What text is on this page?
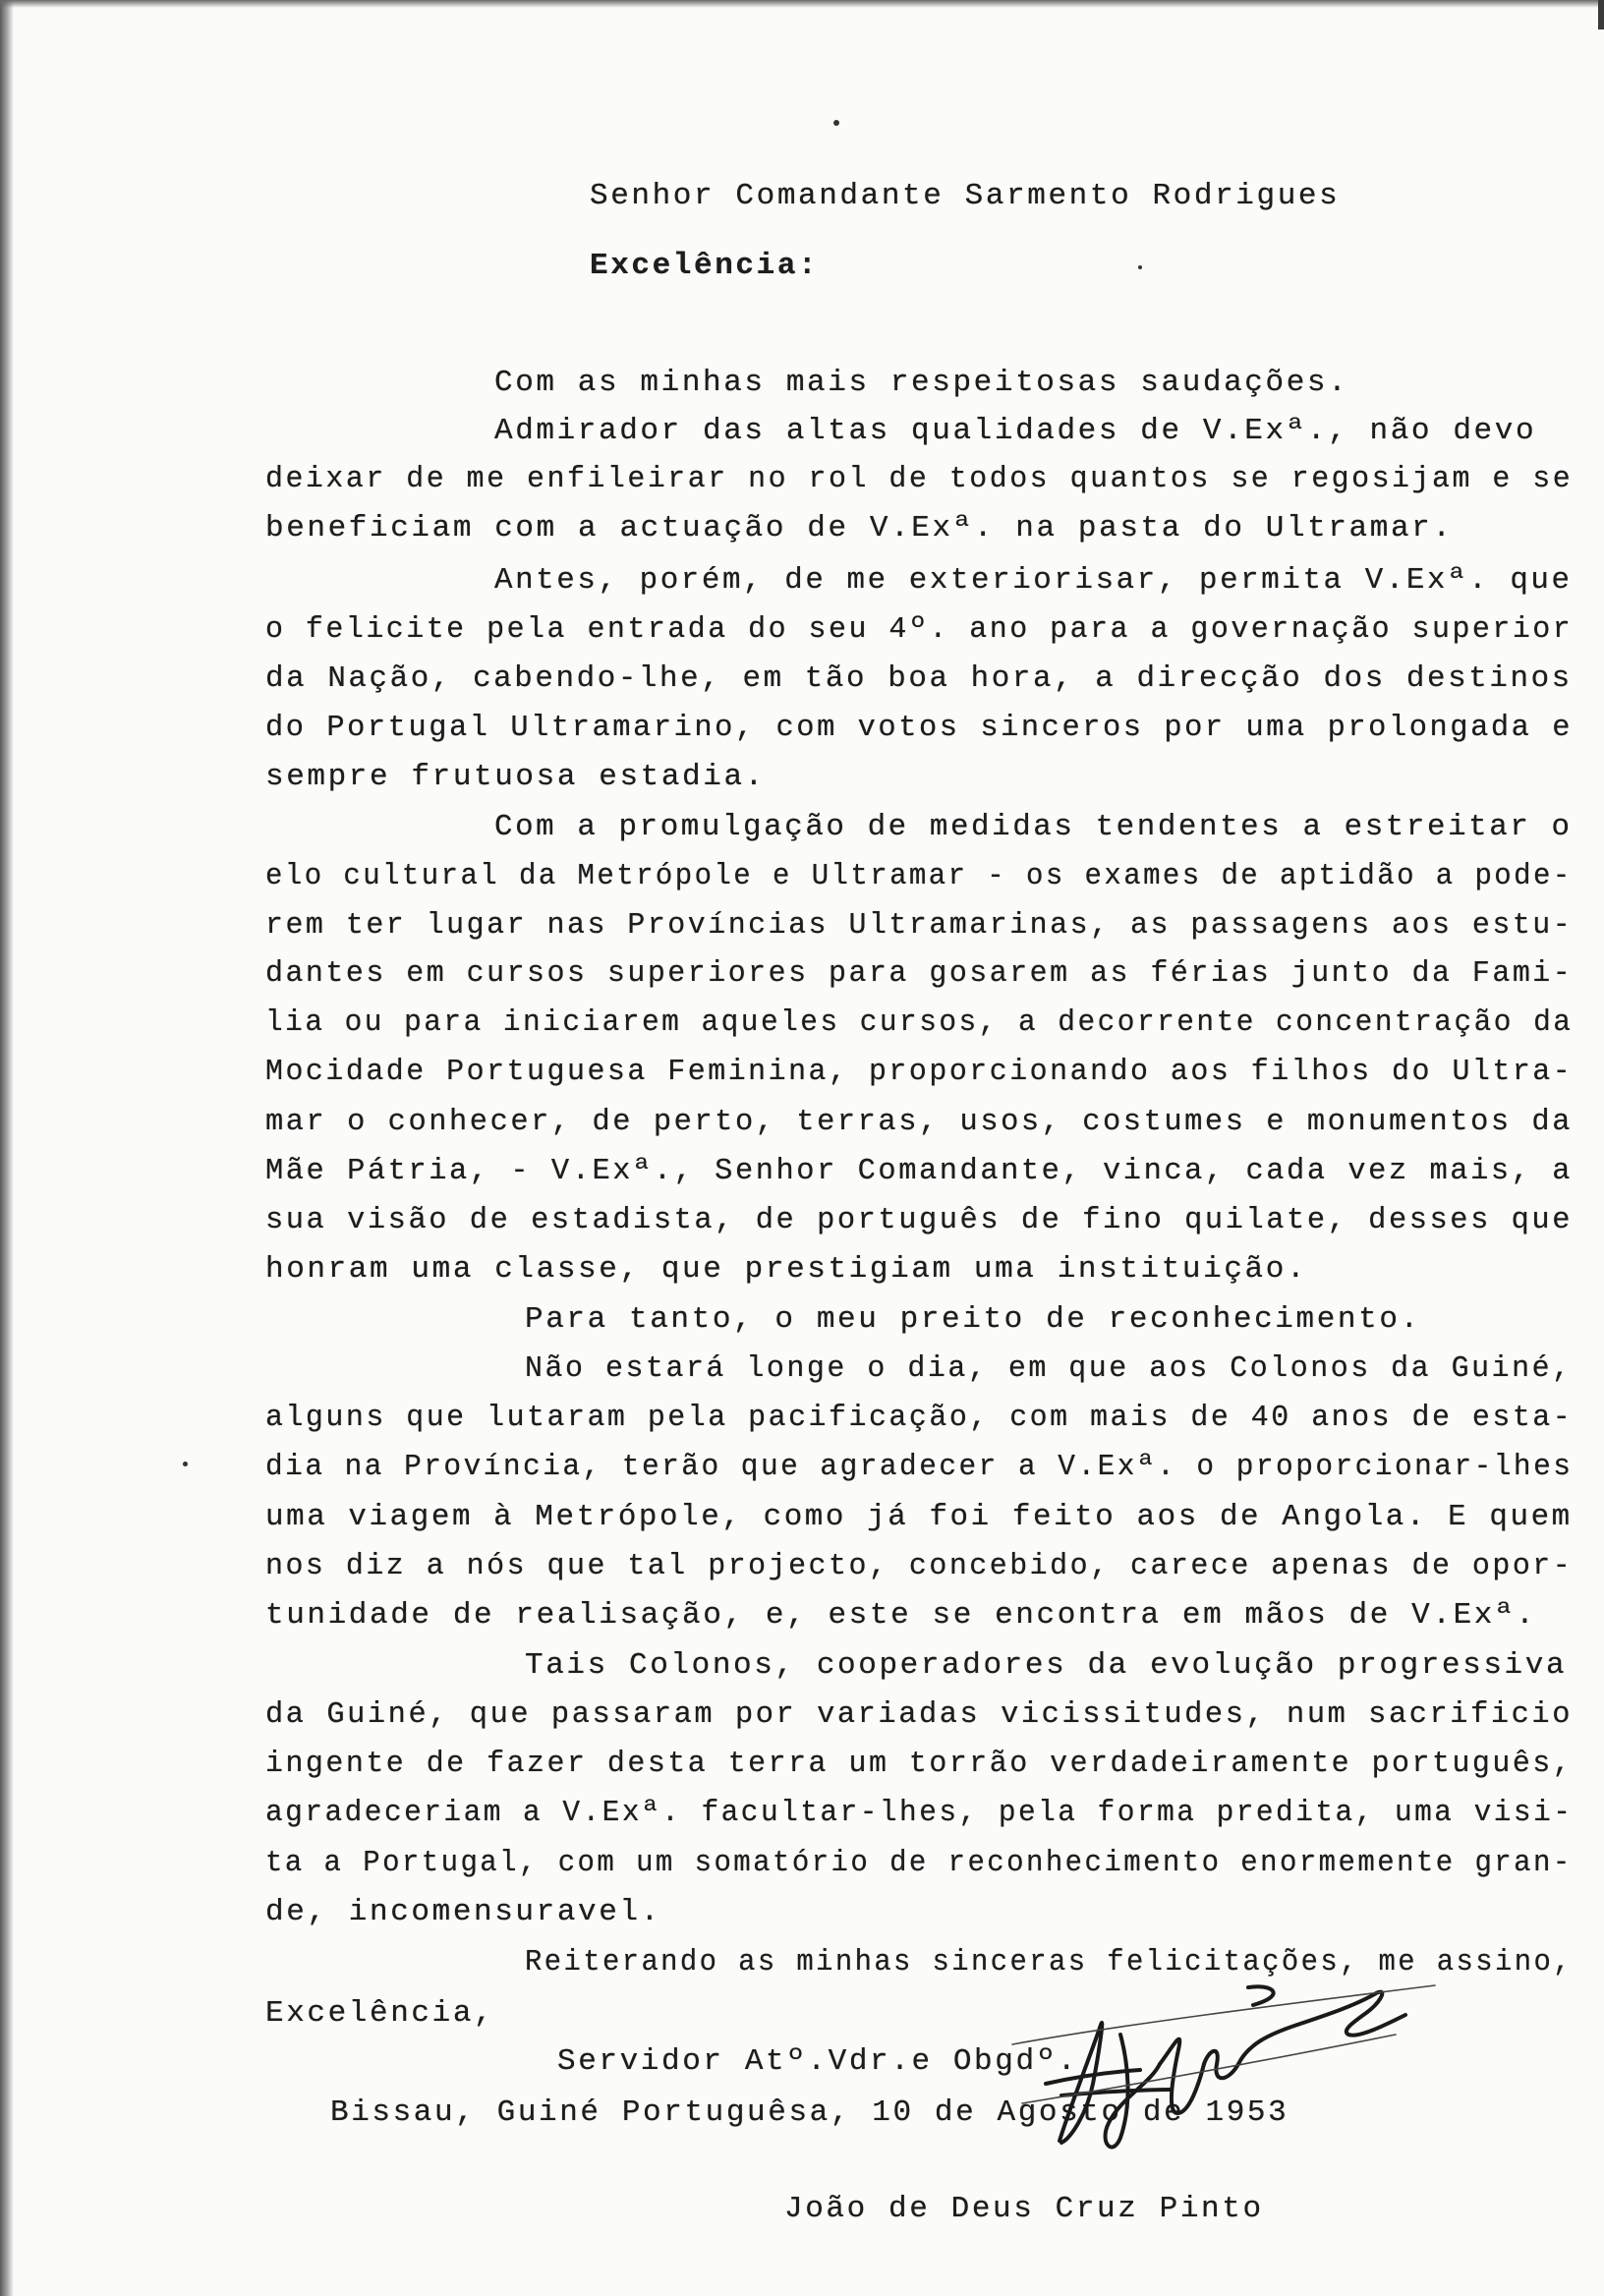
Senhor Comandante Sarmento Rodrigues
Excelência:
Com as minhas mais respeitosas saudações.
Admirador das altas qualidades de V.Exª., não devo
deixar de me enfileirar no rol de todos quantos se regosijam e se
beneficiam com a actuação de V.Exª. na pasta do Ultramar.
Antes, porém, de me exteriorisar, permita V.Exª. que
o felicite pela entrada do seu 4º. ano para a governação superior
da Nação, cabendo-lhe, em tão boa hora, a direcção dos destinos
do Portugal Ultramarino, com votos sinceros por uma prolongada e
sempre frutuosa estadia.
Com a promulgação de medidas tendentes a estreitar o
elo cultural da Metrópole e Ultramar - os exames de aptidão a pode-
rem ter lugar nas Províncias Ultramarinas, as passagens aos estu-
dantes em cursos superiores para gosarem as férias junto da Fami-
lia ou para iniciarem aqueles cursos, a decorrente concentração da
Mocidade Portuguesa Feminina, proporcionando aos filhos do Ultra-
mar o conhecer, de perto, terras, usos, costumes e monumentos da
Mãe Pátria, - V.Exª., Senhor Comandante, vinca, cada vez mais, a
sua visão de estadista, de português de fino quilate, desses que
honram uma classe, que prestigiam uma instituição.
Para tanto, o meu preito de reconhecimento.
Não estará longe o dia, em que aos Colonos da Guiné,
alguns que lutaram pela pacificação, com mais de 40 anos de esta-
dia na Província, terão que agradecer a V.Exª. o proporcionar-lhes
uma viagem à Metrópole, como já foi feito aos de Angola. E quem
nos diz a nós que tal projecto, concebido, carece apenas de opor-
tunidade de realisação, e, este se encontra em mãos de V.Exª.
Tais Colonos, cooperadores da evolução progressiva
da Guiné, que passaram por variadas vicissitudes, num sacrificio
ingente de fazer desta terra um torrão verdadeiramente português,
agradeceriam a V.Exª. facultar-lhes, pela forma predita, uma visi-
ta a Portugal, com um somatório de reconhecimento enormemente gran-
de, incomensuravel.
Reiterando as minhas sinceras felicitações, me assino,
Excelência,
Servidor Atº.Vdr.e Obgdº.
Bissau, Guiné Portuguêsa, 10 de Agosto de 1953
João de Deus Cruz Pinto
